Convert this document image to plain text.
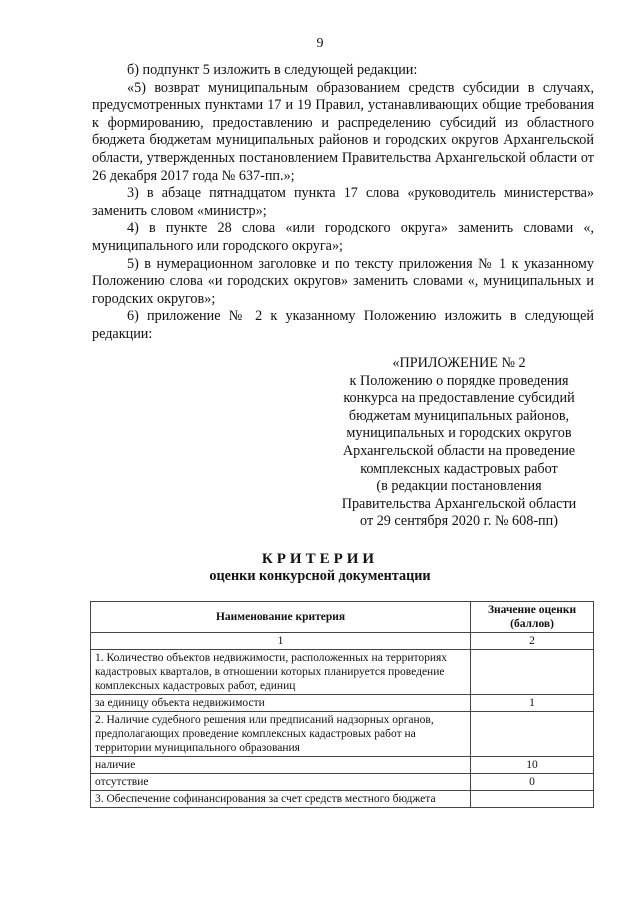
9

б) подпункт 5 изложить в следующей редакции:

«5) возврат муниципальным образованием средств субсидии в случаях, предусмотренных пунктами 17 и 19 Правил, устанавливающих общие требования к формированию, предоставлению и распределению субсидий из областного бюджета бюджетам муниципальных районов и городских округов Архангельской области, утвержденных постановлением Правительства Архангельской области от 26 декабря 2017 года № 637-пп.»;

3) в абзаце пятнадцатом пункта 17 слова «руководитель министерства» заменить словом «министр»;

4) в пункте 28 слова «или городского округа» заменить словами «, муниципального или городского округа»;

5) в нумерационном заголовке и по тексту приложения № 1 к указанному Положению слова «и городских округов» заменить словами «, муниципальных и городских округов»;

6) приложение № 2 к указанному Положению изложить в следующей редакции:

«ПРИЛОЖЕНИЕ № 2
к Положению о порядке проведения
конкурса на предоставление субсидий
бюджетам муниципальных районов,
муниципальных и городских округов
Архангельской области на проведение
комплексных кадастровых работ
(в редакции постановления
Правительства Архангельской области
от 29 сентября 2020 г. № 608-пп)
КРИТЕРИИ
оценки конкурсной документации
Наименование критерия	Значение оценки (баллов)
1	2
1. Количество объектов недвижимости, расположенных на территориях кадастровых кварталов, в отношении которых планируется проведение комплексных кадастровых работ, единиц	
за единицу объекта недвижимости	1
2. Наличие судебного решения или предписаний надзорных органов, предполагающих проведение комплексных кадастровых работ на территории муниципального образования	
наличие	10
отсутствие	0
3. Обеспечение софинансирования за счет средств местного бюджета	
